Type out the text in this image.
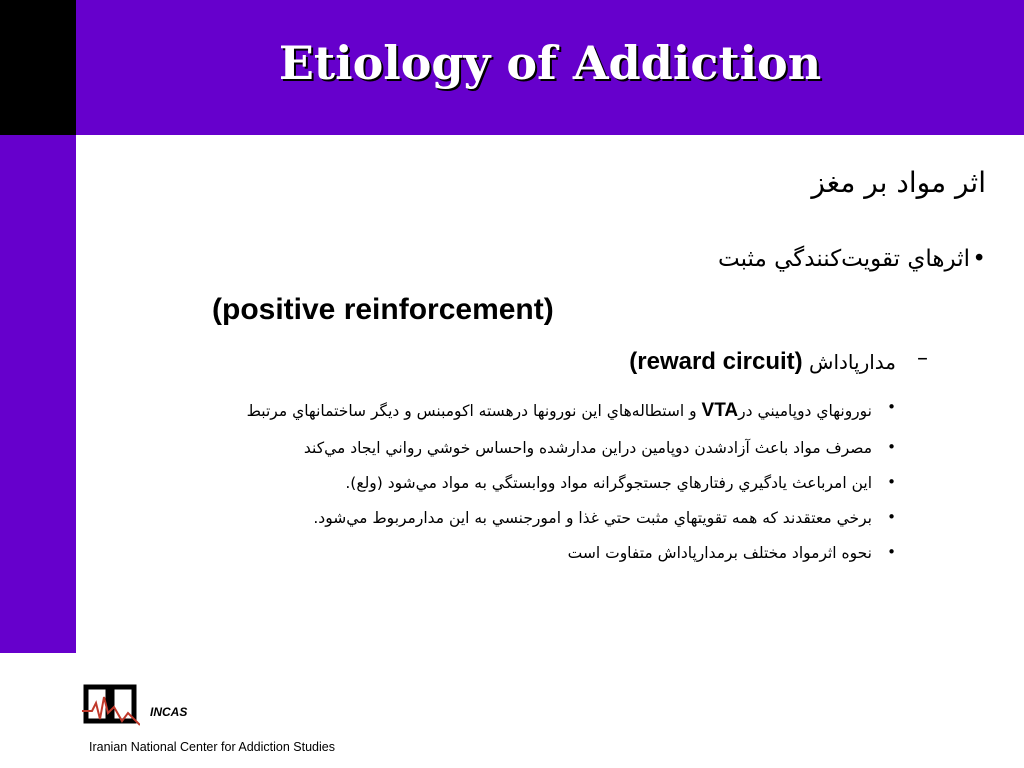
Etiology of Addiction
اثر مواد بر مغز
•
اثرهاي تقويت‌كنندگي مثبت
(positive reinforcement)
–
مدارپاداش (reward circuit)
•
نورونهاي دوپاميني درVTA و استطاله‌هاي اين نورونها درهسته اكومبنس و ديگر ساختمانهاي مرتبط
•
مصرف مواد باعث آزادشدن دوپامين دراين مدارشده واحساس خوشي رواني ايجاد مي‌كند
•
اين امرباعث يادگيري رفتارهاي جستجوگرانه مواد ووابستگي به مواد مي‌شود (ولع).
•
برخي معتقدند كه همه تقويتهاي مثبت حتي غذا و امورجنسي به اين مدارمربوط مي‌شود.
•
نحوه اثرمواد مختلف برمدارپاداش متفاوت است
INCAS
Iranian National Center for Addiction Studies
